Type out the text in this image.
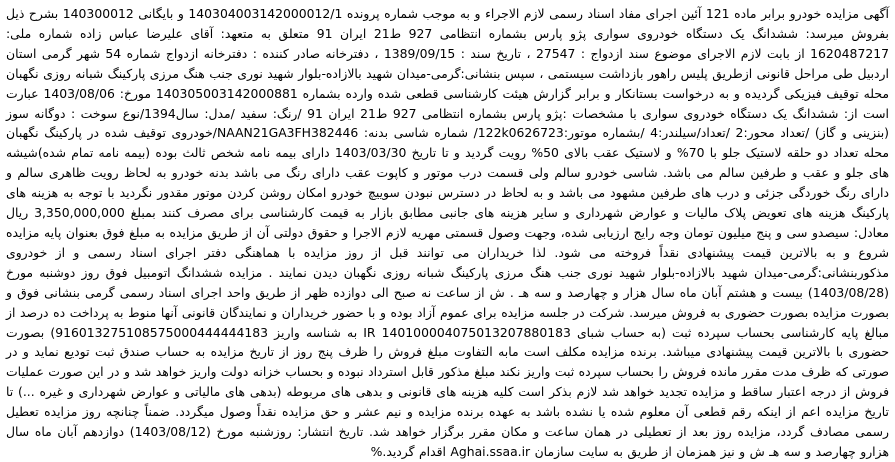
آگهی مزایده خودرو برابر ماده 121 آئین اجرای مفاد اسناد رسمی لازم الاجراء و به موجب شماره پرونده 140304003142000012/1 و بایگانی 140300012 بشرح ذیل بفروش میرسد: ششدانگ یک دستگاه خودروی سواری پژو پارس بشماره انتظامی 927 ط21 ایران 91 متعلق به متعهد: آقای علیرضا عباس زاده شماره ملی: 1620487217 از بابت لازم الاجرای موضوع سند ازدواج : 27547 ، تاریخ سند : 1389/09/15 ، دفترخانه صادر کننده : دفترخانه ازدواج شماره 54 شهر گرمی استان اردبیل طی مراحل قانونی ازطریق پلیس راهور بازداشت سیستمی ، سپس بنشانی:گرمی-میدان شهید بالازاده-بلوار شهید نوری جنب هنگ مرزی پارکینگ شبانه روزی نگهبان محله توقیف فیزیکی گردیده و به درخواست بستانکار و برابر گزارش هیئت کارشناسی قطعی شده وارده بشماره 140305003142000881 مورخ: 1403/08/06 عبارت است از: ششدانگ یک دستگاه خودروی سواری با مشخصات :پژو پارس بشماره انتظامی 927 ط21 ایران 91 /رنگ: سفید /مدل: سال1394/نوع سوخت : دوگانه سوز (بنزینی و گاز) /تعداد محور:2 /تعداد/سیلندر:4 /بشماره موتور:122k0626723/ شماره شاسی بدنه: NAAN21GA3FH382446/خودروی توقیف شده در پارکینگ نگهبان محله تعداد دو حلقه لاستیک جلو با 70% و لاستیک عقب بالای 50% رویت گردید و تا تاریخ 1403/03/30 دارای بیمه نامه شخص ثالث بوده (بیمه نامه تمام شده)شیشه های جلو و عقب و طرفین سالم می باشد. شاسی خودرو سالم ولی قسمت درب موتور و کاپوت عقب دارای رنگ می باشد بدنه خودرو به لحاظ رویت ظاهری سالم و دارای رنگ خوردگی جزئی و درب های طرفین مشهود می باشد و به لحاظ در دسترس نبودن سوییچ خودرو امکان روشن کردن موتور مقدور نگردید با توجه به هزینه های پارکینگ هزینه های تعویض پلاک مالیات و عوارض شهرداری و سایر هزینه های جانبی مطابق بازار به قیمت کارشناسی برای مصرف کنند بمبلغ 3,350,000,000 ریال معادل: سیصدو سی و پنج میلیون تومان وجه رایج ارزیابی شده، وجهت وصول قسمتی مهریه لازم الاجرا و حقوق دولتی آن از طریق مزایده به مبلغ فوق بعنوان پایه مزایده شروع و به بالاترین قیمت پیشنهادی نقداً فروخته می شود. لذا خریداران می توانند قبل از روز مزایده با هماهنگی دفتر اجرای اسناد رسمی و از خودروی مذکوربنشانی:گرمی-میدان شهید بالازاده-بلوار شهید نوری جنب هنگ مرزی پارکینگ شبانه روزی نگهبان دیدن نمایند . مزایده ششدانگ اتومبیل فوق روز دوشنبه مورخ (1403/08/28) بیست و هشتم آبان ماه سال هزار و چهارصد و سه هـ . ش از ساعت نه صبح الی دوازده ظهر از طریق واحد اجرای اسناد رسمی گرمی بنشانی فوق و بصورت مزایده بصورت حضوری به فروش میرسد. شرکت در جلسه مزایده برای عموم آزاد بوده و با حضور خریداران و نمایندگان قانونی آنها منوط به پرداخت ده درصد از مبالغ پایه کارشناسی بحساب سپرده ثبت (به حساب شبای IR 140100004075013207880183 به شناسه واریز 916013275108575000444444183) بصورت حضوری با بالاترین قیمت پیشنهادی میباشد. برنده مزایده مکلف است مابه التفاوت مبلغ فروش را ظرف پنج روز از تاریخ مزایده به حساب صندق ثبت تودیع نماید و در صورتی که ظرف مدت مقرر مانده فروش را بحساب سپرده ثبت واریز نکند مبلغ مذکور قابل استرداد نبوده و بحساب خزانه دولت واریز خواهد شد و در این صورت عملیات فروش از درجه اعتبار ساقط و مزایده تجدید خواهد شد لازم بذکر است کلیه هزینه های قانونی و بدهی های مربوطه (بدهی های مالیاتی و عوارض شهرداری و غیره ...) تا تاریخ مزایده اعم از اینکه رقم قطعی آن معلوم شده یا نشده باشد به عهده برنده مزایده و نیم عشر و حق مزایده نقداً وصول میگردد. ضمناً چنانچه روز مزایده تعطیل رسمی مصادف گردد، مزایده روز بعد از تعطیلی در همان ساعت و مکان مقرر برگزار خواهد شد. تاریخ انتشار: روزشنبه مورخ (1403/08/12) دوازدهم آبان ماه سال هزارو چهارصد و سه هـ ش و نیز همزمان از طریق به سایت سازمان Aghai.ssaa.ir اقدام گردید.%
